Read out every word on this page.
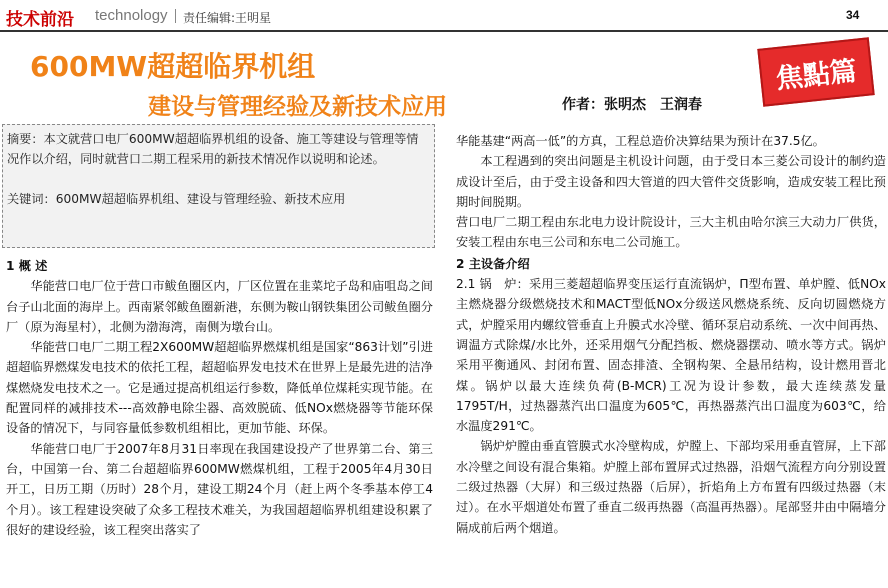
技术前沿 technology 责任编辑:王明星	34
600MW超超临界机组
建设与管理经验及新技术应用	作者：张明杰　王润春
焦點篇

摘要：本文就营口电厂600MW超超临界机组的设备、施工等建设与管理等情况作以介绍，同时就营口二期工程采用的新技术情况作以说明和论述。

关键词：600MW超超临界机组、建设与管理经验、新技术应用

1 概 述

华能营口电厂位于营口市鲅鱼圈区内，厂区位置在韭菜坨子岛和庙咀岛之间台子山北面的海岸上。西南紧邻鲅鱼圈新港，东侧为鞍山钢铁集团公司鲅鱼圈分厂（原为海星村），北侧为渤海湾，南侧为墩台山。

华能营口电厂二期工程2X600MW超超临界燃煤机组是国家“863计划”引进超超临界燃煤发电技术的依托工程，超超临界发电技术在世界上是最先进的洁净煤燃烧发电技术之一。它是通过提高机组运行参数，降低单位煤耗实现节能。在配置同样的减排技术---高效静电除尘器、高效脱硫、低NOx燃烧器等节能环保设备的情况下，与同容量低参数机组相比，更加节能、环保。

华能营口电厂于2007年8月31日率现在我国建设投产了世界第二台、第三台，中国第一台、第二台超超临界600MW燃煤机组，工程于2005年4月30日开工，日历工期（历时）28个月，建设工期24个月（赶上两个冬季基本停工4个月）。该工程建设突破了众多工程技术难关，为我国超超临界机组建设积累了很好的建设经验，该工程突出落实了

华能基建“两高一低”的方真，工程总造价决算结果为预计在37.5亿。

本工程遇到的突出问题是主机设计问题，由于受日本三菱公司设计的制约造成设计至后，由于受主设备和四大管道的四大管件交货影响，造成安装工程比预期时间脱期。

营口电厂二期工程由东北电力设计院设计，三大主机由哈尔滨三大动力厂供货，安装工程由东电三公司和东电二公司施工。

2 主设备介绍

2.1 锅　炉：采用三菱超超临界变压运行直流锅炉，Π型布置、单炉膛、低NOx主燃烧器分级燃烧技术和MACT型低NOx分级送风燃烧系统、反向切圆燃烧方式，炉膛采用内螺纹管垂直上升膜式水冷壁、循环泵启动系统、一次中间再热、调温方式除煤/水比外，还采用烟气分配挡板、燃烧器摆动、喷水等方式。锅炉采用平衡通风、封闭布置、固态排渣、全钢构架、全悬吊结构，设计燃用晋北煤。锅炉以最大连续负荷(B-MCR)工况为设计参数，最大连续蒸发量1795T/H，过热器蒸汽出口温度为605℃，再热器蒸汽出口温度为603℃，给水温度291℃。

锅炉炉膛由垂直管膜式水冷壁构成，炉膛上、下部均采用垂直管屏，上下部水冷壁之间设有混合集箱。炉膛上部布置屏式过热器，沿烟气流程方向分别设置二级过热器（大屏）和三级过热器（后屏），折焰角上方布置有四级过热器（末过）。在水平烟道处布置了垂直二级再热器（高温再热器）。尾部竖井由中隔墙分隔成前后两个烟道。
